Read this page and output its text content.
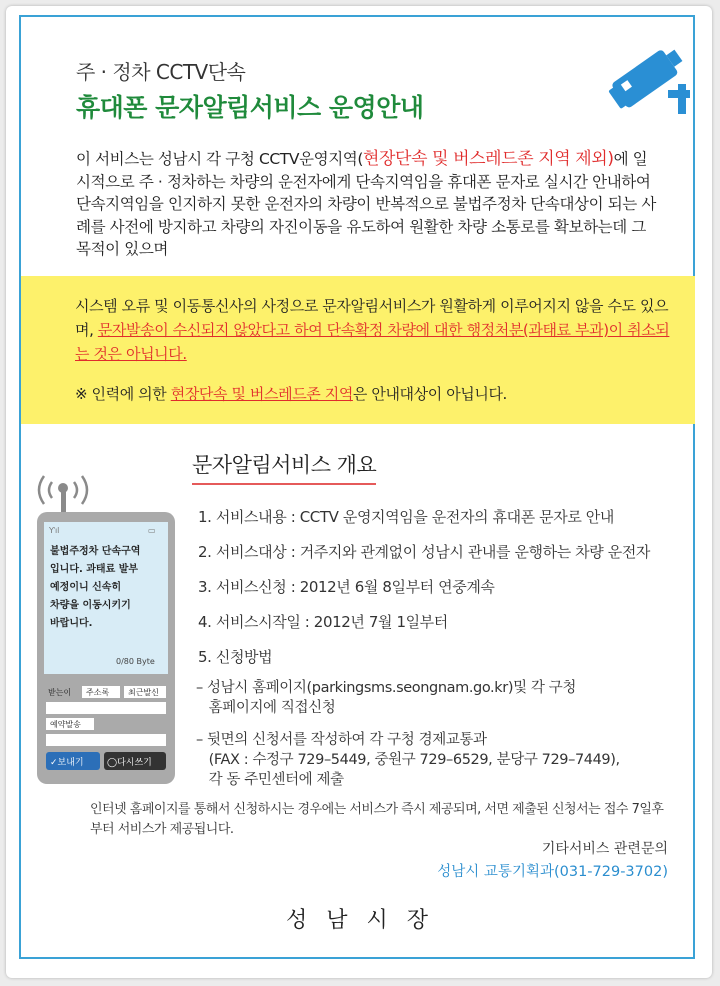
주 · 정차 CCTV단속
휴대폰 문자알림서비스 운영안내
이 서비스는 성남시 각 구청 CCTV운영지역(현장단속 및 버스레드존 지역 제외)에 일시적으로 주 · 정차하는 차량의 운전자에게 단속지역임을 휴대폰 문자로 실시간 안내하여 단속지역임을 인지하지 못한 운전자의 차량이 반복적으로 불법주정차 단속대상이 되는 사례를 사전에 방지하고 차량의 자진이동을 유도하여 원활한 차량 소통로를 확보하는데 그 목적이 있으며

시스템 오류 및 이동통신사의 사정으로 문자알림서비스가 원활하게 이루어지지 않을 수도 있으며, 문자발송이 수신되지 않았다고 하여 단속확정 차량에 대한 행정처분(과태료 부과)이 취소되는 것은 아닙니다.

※ 인력에 의한 현장단속 및 버스레드존 지역은 안내대상이 아닙니다.

문자알림서비스 개요
Ƴıl	▭
불법주정차 단속구역
입니다. 과태료 발부
예정이니 신속히
차량을 이동시키기
바랍니다.
0/80 Byte
받는이 주소록 최근발신
예약발송
✓보내기	◯다시쓰기
1. 서비스내용 : CCTV 운영지역임을 운전자의 휴대폰 문자로 안내
2. 서비스대상 : 거주지와 관계없이 성남시 관내를 운행하는 차량 운전자
3. 서비스신청 : 2012년 6월 8일부터 연중계속
4. 서비스시작일 : 2012년 7월 1일부터
5. 신청방법
– 성남시 홈페이지(parkingsms.seongnam.go.kr)및 각 구청
홈페이지에 직접신청
– 뒷면의 신청서를 작성하여 각 구청 경제교통과
(FAX : 수정구 729–5449, 중원구 729–6529, 분당구 729–7449),
각 동 주민센터에 제출
인터넷 홈페이지를 통해서 신청하시는 경우에는 서비스가 즉시 제공되며, 서면 제출된 신청서는 접수 7일후부터 서비스가 제공됩니다.
기타서비스 관련문의
성남시 교통기획과(031-729-3702)
성 남 시 장
